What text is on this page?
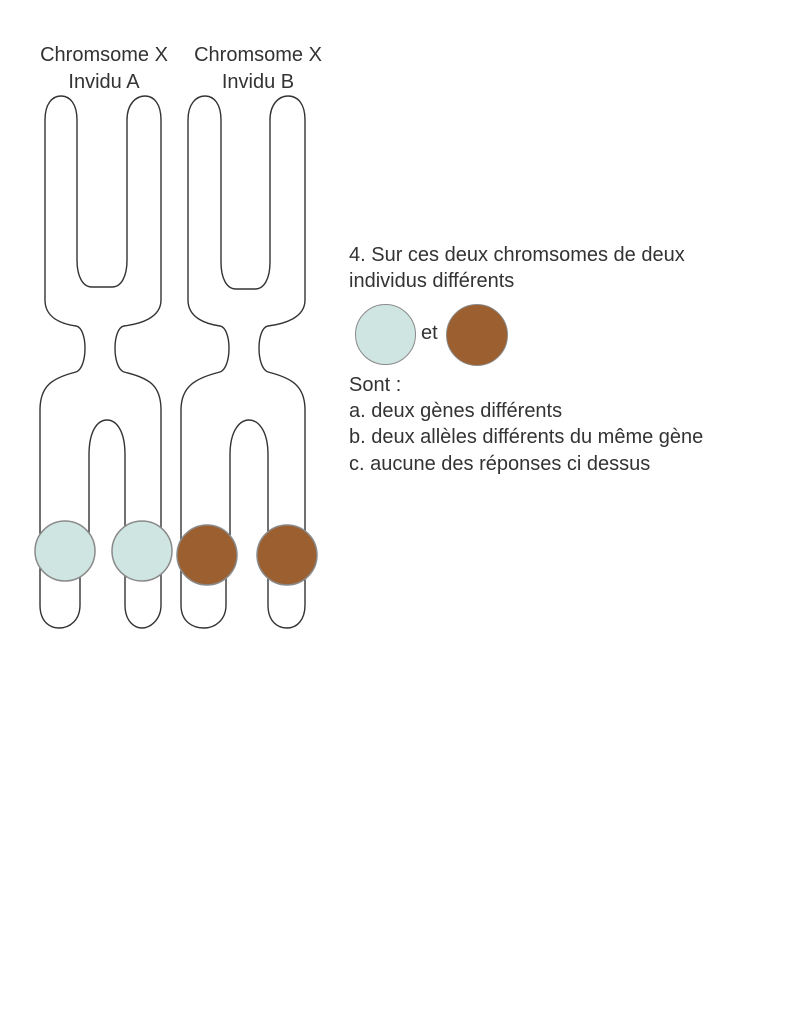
Chromsome X
Invidu A
Chromsome X
Invidu B
4. Sur ces deux chromsomes de deux
individus différents
et
Sont :
a. deux gènes différents
b. deux allèles différents du même gène
c. aucune des réponses ci dessus
